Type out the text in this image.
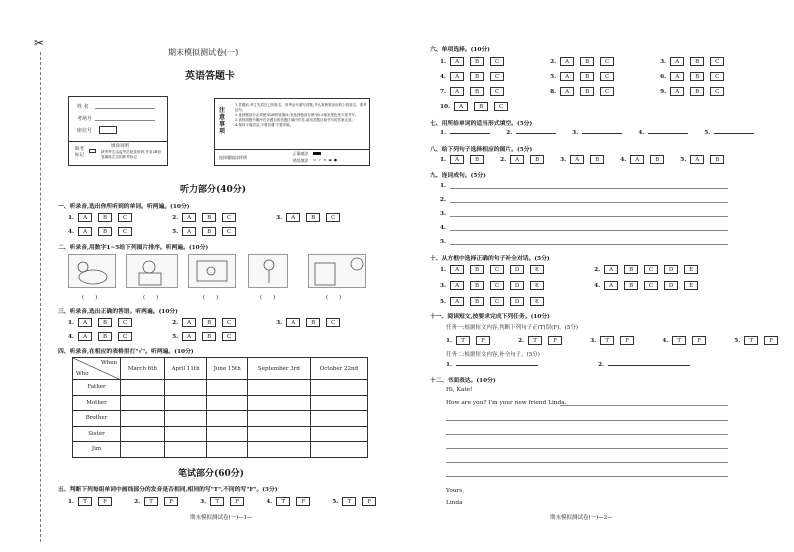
✂
期末模拟测试卷(一)
英语答题卡
姓 名
考场号
座位号
缺考标记
填涂说明
缺考考生由监考员贴条形码,并用2B铅笔填涂左边的缺考标记
注意事项
1.答题前,考生先将自己的姓名、准考证号填写清楚,并认真核准条形码上的姓名、准考证号。
2.选择题部分必须使用2B铅笔填涂;非选择题部分使用0.5毫米黑色签字笔书写。
3.请按照题号顺序在各题目的答题区域内作答,超出答题区域书写的答案无效。
4.保持卡面清洁,不要折叠,不要弄破。
选择题填涂样例
正确填涂
错误填涂 ▭ ✓ ✕ ▬ ●
听力部分(40分)
一、听录音,选出你所听到的单词。听两遍。(10分)
1.	A	B	C	2.	A	B	C	3.	A	B	C
4.	A	B	C	5.	A	B	C
二、听录音,用数字1~5给下列图片排序。听两遍。(10分)
(　　)	(　　)	(　　)	(　　)	(　　)
三、听录音,选出正确的答语。听两遍。(10分)
1.	A	B	C	2.	A	B	C	3.	A	B	C
4.	A	B	C	5.	A	B	C
四、听录音,在相应的表格里打"√"。听两遍。(10分)
When
Who	March 6th	April 11th	June 15th	September 3rd	October 22nd
Father					
Mother					
Brother					
Sister					
Jim					
笔试部分(60分)
五、判断下列每组单词中画线部分的发音是否相同,相同的写"T",不同的写"F"。(5分)
1.	T	F	2.	T	F	3.	T	F	4.	T	F	5.	T	F
期末模拟测试卷(一)—1—
六、单项选择。(10分)
1.	A	B	C	2.	A	B	C	3.	A	B	C
4.	A	B	C	5.	A	B	C	6.	A	B	C
7.	A	B	C	8.	A	B	C	9.	A	B	C
10.	A	B	C
七、用所给单词的适当形式填空。(5分)
1.	2.	3.	4.	5.
八、给下列句子选择相应的图片。(5分)
1.	A	B	2.	A	B	3.	A	B	4.	A	B	5.	A	B
九、连词成句。(5分)
1.
2.
3.
4.
5.
十、从方框中选择正确的句子补全对话。(5分)
1.	A	B	C	D	E	2.	A	B	C	D	E
3.	A	B	C	D	E	4.	A	B	C	D	E
5.	A	B	C	D	E
十一、阅读短文,按要求完成下列任务。(10分)
任务一:根据短文内容,判断下列句子正(T)误(F)。(5分)
1.	T	F	2.	T	F	3.	T	F	4.	T	F	5.	T	F
任务二:根据短文内容,补全句子。(5分)
1.	2.
十二、书面表达。(10分)
Hi, Kate!
How are you? I'm your new friend Linda.
Yours,
Linda
期末模拟测试卷(一)—2—
